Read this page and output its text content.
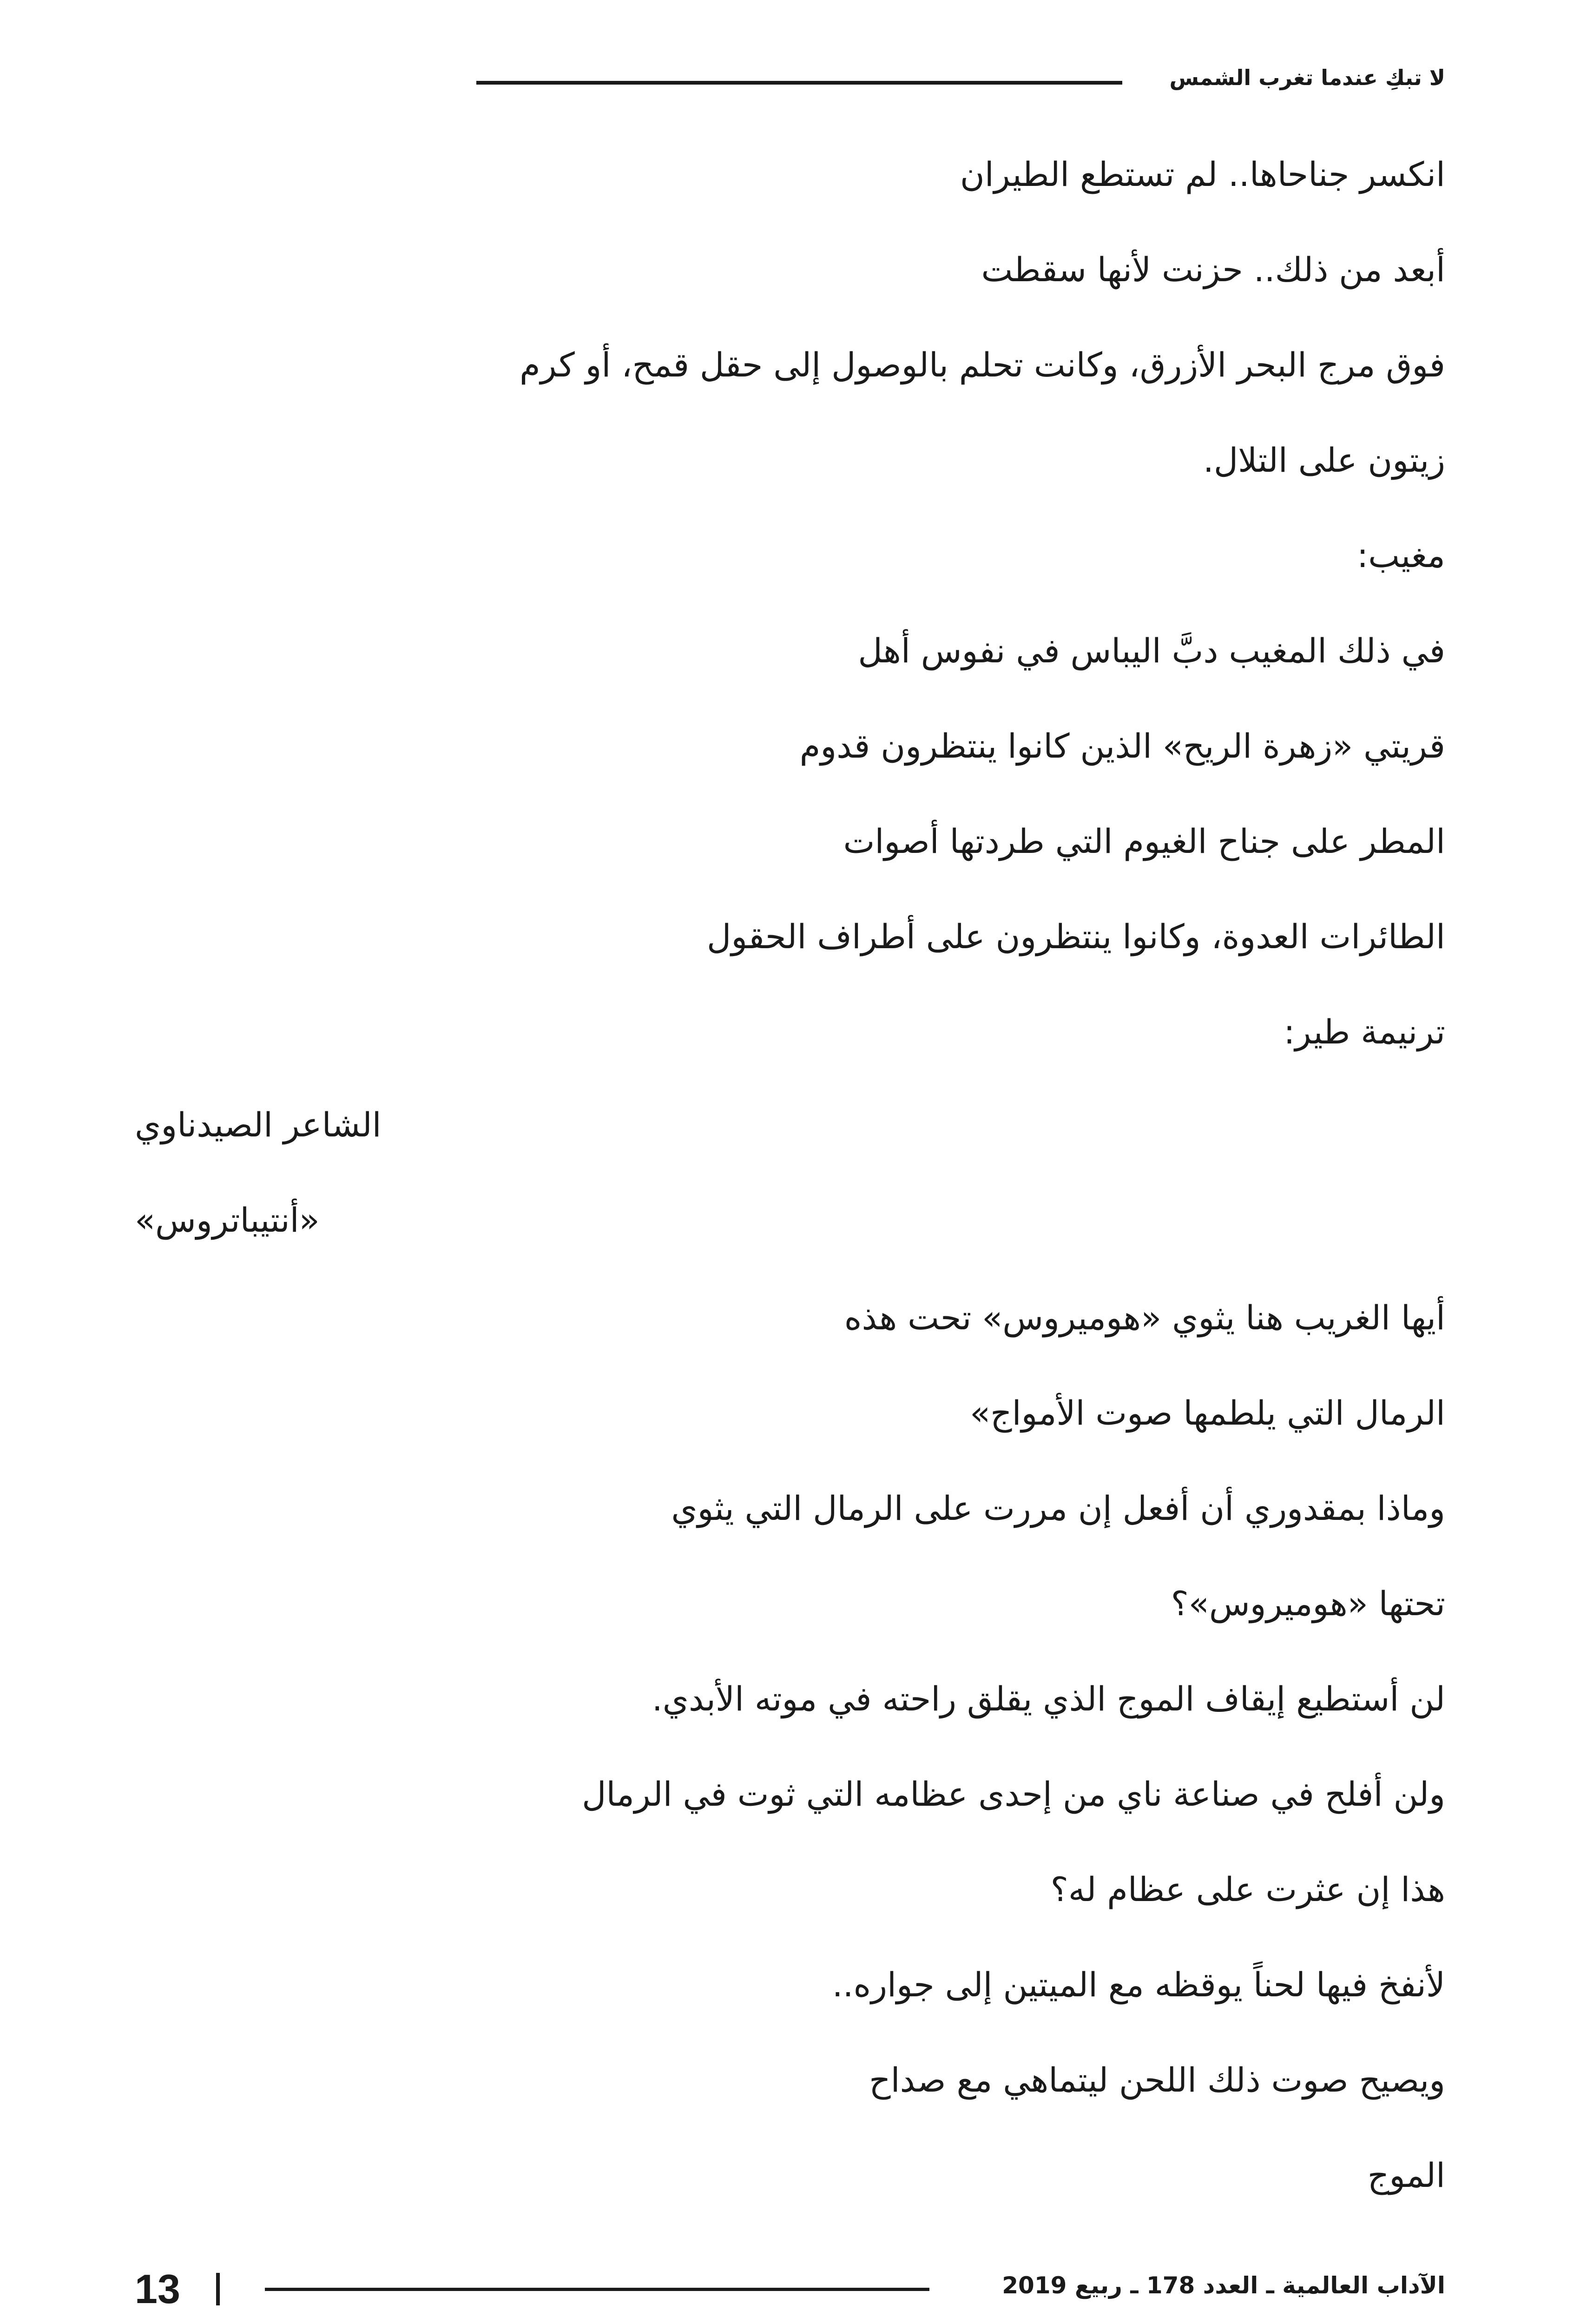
لا تبكِ عندما تغرب الشمس
انكسر جناحاها.. لم تستطع الطيران
أبعد من ذلك.. حزنت لأنها سقطت
فوق مرج البحر الأزرق، وكانت تحلم بالوصول إلى حقل قمح، أو كرم
زيتون على التلال.
مغيب:
في ذلك المغيب دبَّ اليباس في نفوس أهل
قريتي «زهرة الريح» الذين كانوا ينتظرون قدوم
المطر على جناح الغيوم التي طردتها أصوات
الطائرات العدوة، وكانوا ينتظرون على أطراف الحقول
ترنيمة طير:
الشاعر الصيدناوي
«أنتيباتروس»
أيها الغريب هنا يثوي «هوميروس» تحت هذه
الرمال التي يلطمها صوت الأمواج»
وماذا بمقدوري أن أفعل إن مررت على الرمال التي يثوي
تحتها «هوميروس»؟
لن أستطيع إيقاف الموج الذي يقلق راحته في موته الأبدي.
ولن أفلح في صناعة ناي من إحدى عظامه التي ثوت في الرمال
هذا إن عثرت على عظام له؟
لأنفخ فيها لحناً يوقظه مع الميتين إلى جواره..
ويصيح صوت ذلك اللحن ليتماهي مع صداح
الموج
13	الآداب العالمية ـ العدد 178 ـ ربيع 2019
